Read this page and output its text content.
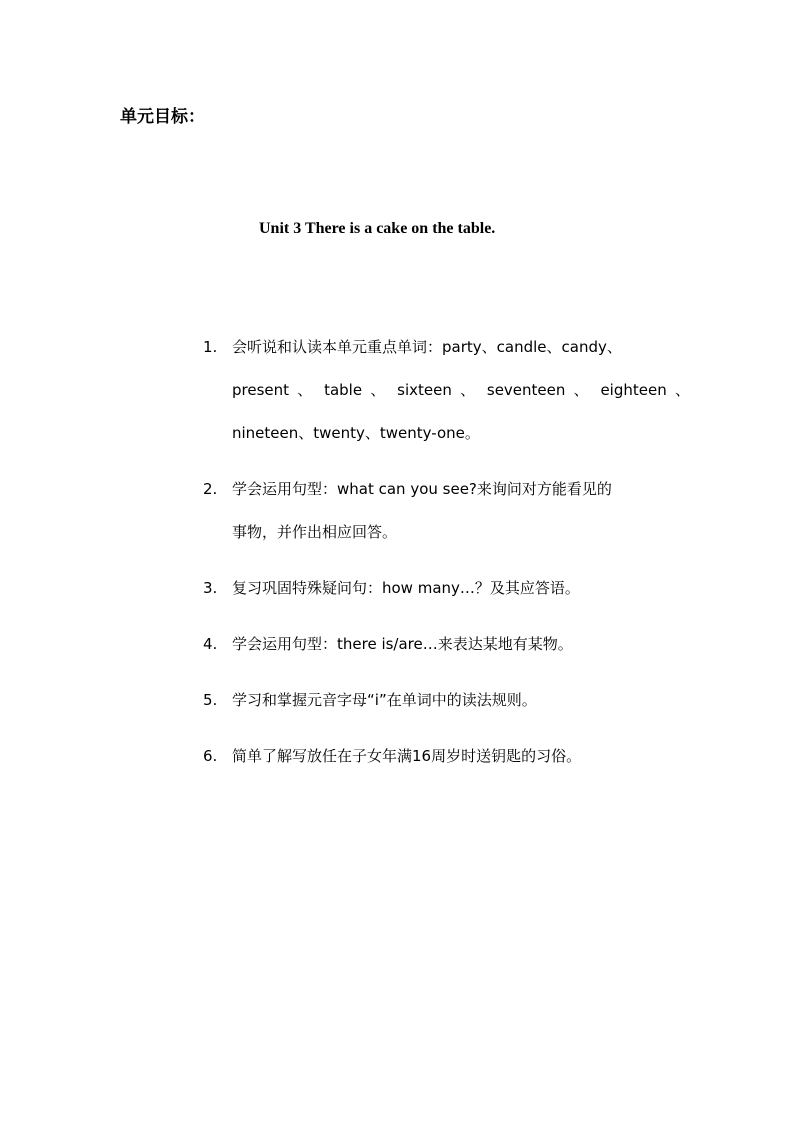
单元目标：
Unit 3 There is a cake on the table.
1. 会听说和认读本单元重点单词：party、candle、candy、
present 、 table 、 sixteen 、 seventeen 、 eighteen 、
nineteen、twenty、twenty-one。
2. 学会运用句型：what can you see?来询问对方能看见的
事物，并作出相应回答。
3. 复习巩固特殊疑问句：how many…？及其应答语。
4. 学会运用句型：there is/are…来表达某地有某物。
5. 学习和掌握元音字母“i”在单词中的读法规则。
6. 简单了解写放任在子女年满16周岁时送钥匙的习俗。
